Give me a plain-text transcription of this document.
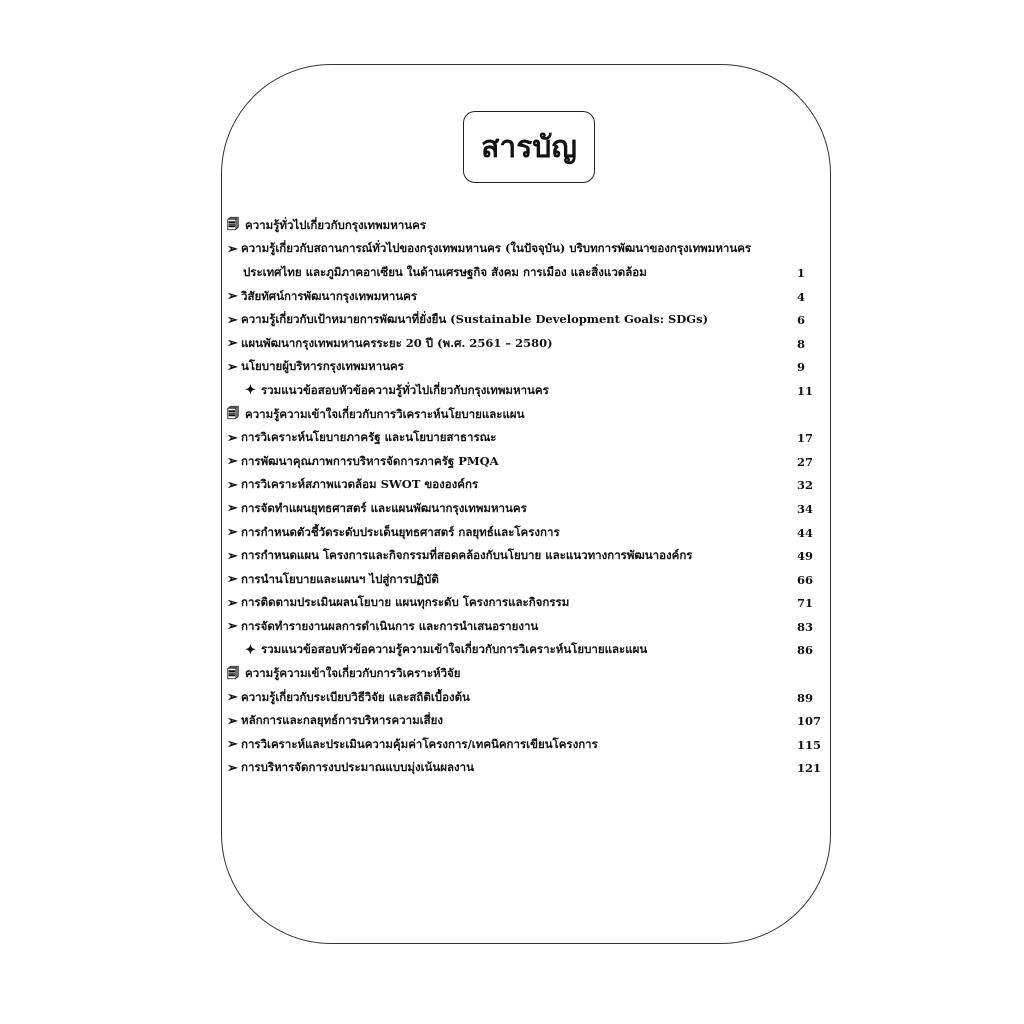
สารบัญ
🗐 ความรู้ทั่วไปเกี่ยวกับกรุงเทพมหานคร
➢ ความรู้เกี่ยวกับสถานการณ์ทั่วไปของกรุงเทพมหานคร (ในปัจจุบัน) บริบทการพัฒนาของกรุงเทพมหานคร
ประเทศไทย และภูมิภาคอาเซียน ในด้านเศรษฐกิจ สังคม การเมือง และสิ่งแวดล้อม	1
➢ วิสัยทัศน์การพัฒนากรุงเทพมหานคร	4
➢ ความรู้เกี่ยวกับเป้าหมายการพัฒนาที่ยั่งยืน (Sustainable Development Goals: SDGs)	6
➢ แผนพัฒนากรุงเทพมหานครระยะ 20 ปี (พ.ศ. 2561 – 2580)	8
➢ นโยบายผู้บริหารกรุงเทพมหานคร	9
✦ รวมแนวข้อสอบหัวข้อความรู้ทั่วไปเกี่ยวกับกรุงเทพมหานคร	11
🗐 ความรู้ความเข้าใจเกี่ยวกับการวิเคราะห์นโยบายและแผน
➢ การวิเคราะห์นโยบายภาครัฐ และนโยบายสาธารณะ	17
➢ การพัฒนาคุณภาพการบริหารจัดการภาครัฐ PMQA	27
➢ การวิเคราะห์สภาพแวดล้อม SWOT ขององค์กร	32
➢ การจัดทำแผนยุทธศาสตร์ และแผนพัฒนากรุงเทพมหานคร	34
➢ การกำหนดตัวชี้วัดระดับประเด็นยุทธศาสตร์ กลยุทธ์และโครงการ	44
➢ การกำหนดแผน โครงการและกิจกรรมที่สอดคล้องกับนโยบาย และแนวทางการพัฒนาองค์กร	49
➢ การนำนโยบายและแผนฯ ไปสู่การปฏิบัติ	66
➢ การติดตามประเมินผลนโยบาย แผนทุกระดับ โครงการและกิจกรรม	71
➢ การจัดทำรายงานผลการดำเนินการ และการนำเสนอรายงาน	83
✦ รวมแนวข้อสอบหัวข้อความรู้ความเข้าใจเกี่ยวกับการวิเคราะห์นโยบายและแผน	86
🗐 ความรู้ความเข้าใจเกี่ยวกับการวิเคราะห์วิจัย
➢ ความรู้เกี่ยวกับระเบียบวิธีวิจัย และสถิติเบื้องต้น	89
➢ หลักการและกลยุทธ์การบริหารความเสี่ยง	107
➢ การวิเคราะห์และประเมินความคุ้มค่าโครงการ/เทคนิคการเขียนโครงการ	115
➢ การบริหารจัดการงบประมาณแบบมุ่งเน้นผลงาน	121
